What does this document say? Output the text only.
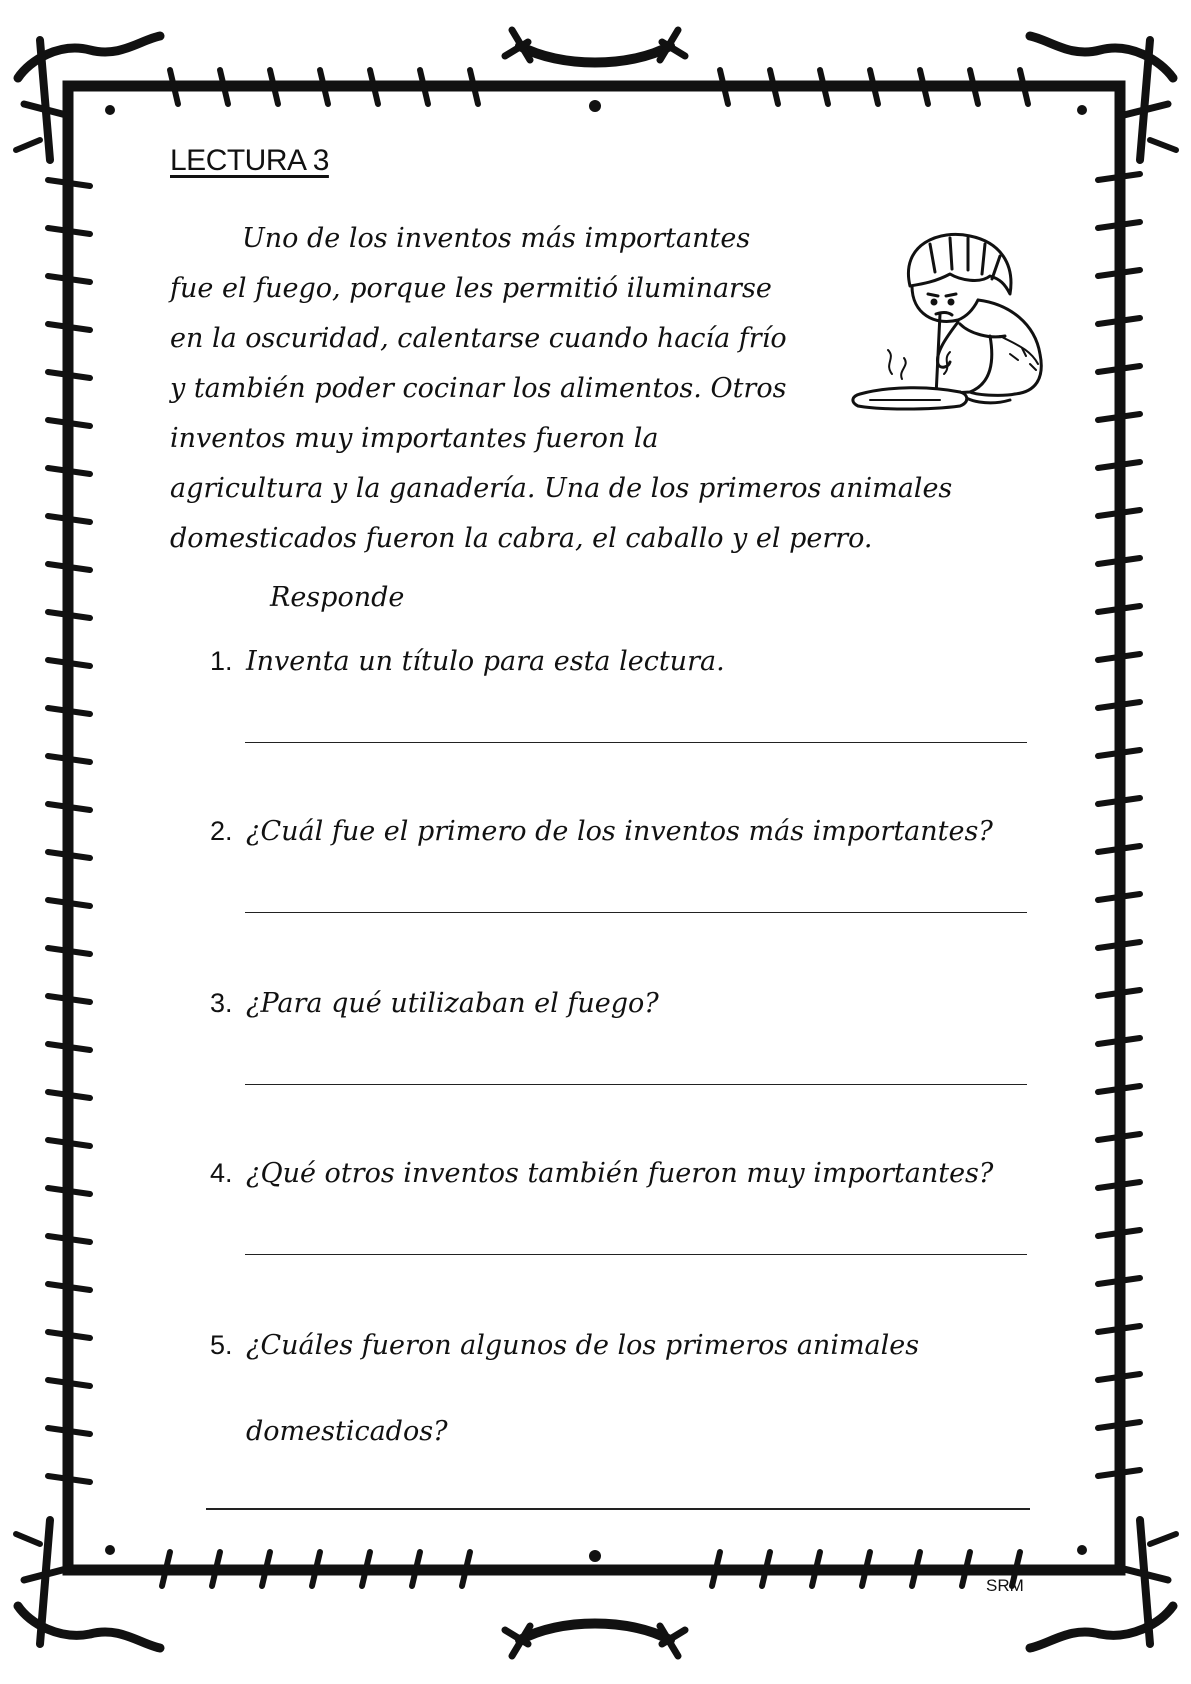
LECTURA 3
Uno de los inventos más importantes
fue el fuego, porque les permitió iluminarse
en la oscuridad, calentarse cuando hacía frío
y también poder cocinar los alimentos. Otros
inventos muy importantes fueron la
agricultura y la ganadería. Una de los primeros animales
domesticados fueron la cabra, el caballo y el perro.
Responde
1. Inventa un título para esta lectura.
2. ¿Cuál fue el primero de los inventos más importantes?
3. ¿Para qué utilizaban el fuego?
4. ¿Qué otros inventos también fueron muy importantes?
5. ¿Cuáles fueron algunos de los primeros animales
domesticados?
SRM
